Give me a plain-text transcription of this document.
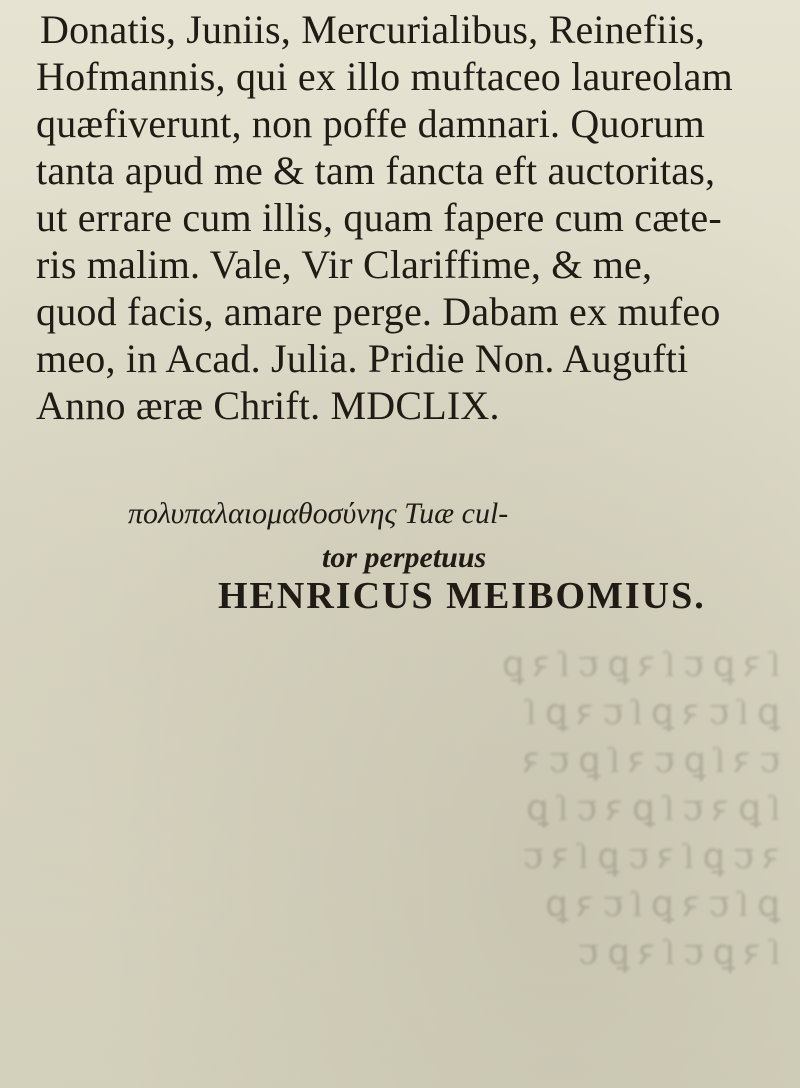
Donatis, Juniis, Mercurialibus, Reinefiis,
Hofmannis, qui ex illo muftaceo laureolam
quæfiverunt, non poffe damnari. Quorum
tanta apud me & tam fancta eft auctoritas,
ut errare cum illis, quam fapere cum cæte-
ris malim. Vale, Vir Clariffime, & me,
quod facis, amare perge. Dabam ex mufeo
meo, in Acad. Julia. Pridie Non. Augufti
Anno æræ Chrift. MDCLIX.
πολυπαλαιομαθοσύνης Tuæ cul-
tor perpetuus
HENRICUS MEIBOMIUS.
ſ ꝛ ꝑ ꞇ ſ ꝛ ꝑ ꞇ ſ ꝛ ꝑ
ꝑ ſ ꞇ ꝛ ꝑ ſ ꞇ ꝛ ꝑ ſ
ꞇ ꝛ ſ ꝑ ꞇ ꝛ ſ ꝑ ꞇ ꝛ
ſ ꝑ ꝛ ꞇ ſ ꝑ ꝛ ꞇ ſ ꝑ
ꝛ ꞇ ꝑ ſ ꝛ ꞇ ꝑ ſ ꝛ ꞇ
ꝑ ſ ꞇ ꝛ ꝑ ſ ꞇ ꝛ ꝑ
ſ ꝛ ꝑ ꞇ ſ ꝛ ꝑ ꞇ
